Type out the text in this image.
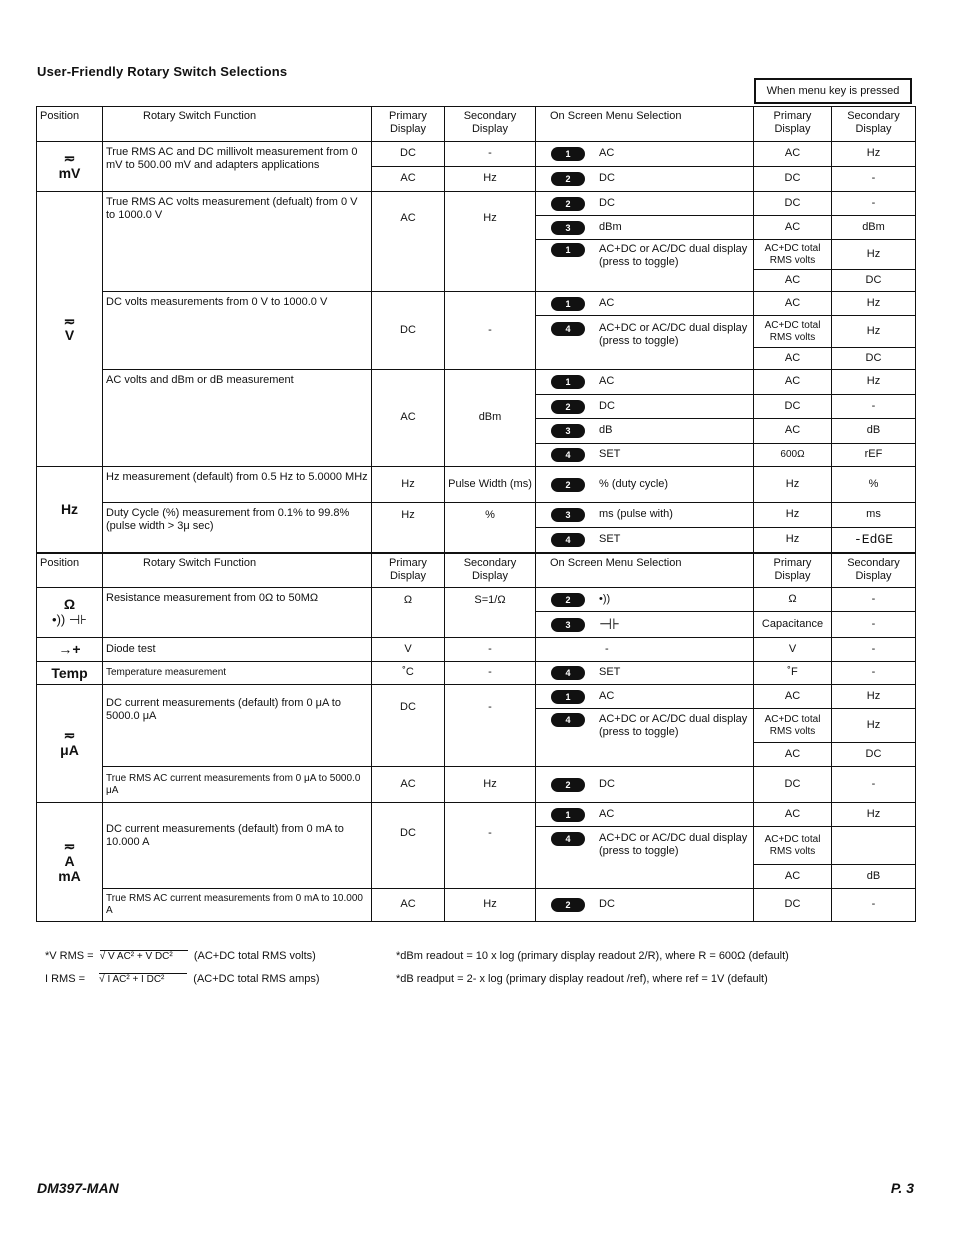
User-Friendly Rotary Switch Selections
When menu key is pressed
Position	Rotary Switch Function	Primary Display	Secondary Display	On Screen Menu Selection	Primary Display	Secondary Display
≂
mV	True RMS AC and DC millivolt measurement from 0 mV to 500.00 mV and adapters applications	DC	-	1 AC	AC	Hz
		AC	Hz	2 DC	DC	-
≂
V	True RMS AC volts measurement (defualt) from 0 V to 1000.0 V	AC	Hz	2 DC	DC	-

				3 dBm	AC	dBm

				1 AC+DC or AC/DC dual display (press to toggle)	AC+DC total RMS volts	Hz
					AC	DC

	DC volts measurements from 0 V to 1000.0 V	DC	-	1 AC	AC	Hz

				4 AC+DC or AC/DC dual display (press to toggle)	AC+DC total RMS volts	Hz
					AC	DC
	AC volts and dBm or dB measurement	AC	dBm	1 AC	AC	Hz

				2 DC	DC	-

				3 dB	AC	dB

				4 SET	600Ω	rEF
Hz	Hz measurement (default) from 0.5 Hz to 5.0000 MHz	Hz	Pulse Width (ms)	2 % (duty cycle)	Hz	%
	Duty Cycle (%) measurement from 0.1% to 99.8% (pulse width > 3μ sec)	Hz	%	3 ms (pulse with)	Hz	ms

				4 SET	Hz	-EdGE
Position	Rotary Switch Function	Primary Display	Secondary Display	On Screen Menu Selection	Primary Display	Secondary Display
Ω
•)) ⊣⊦	Resistance measurement from 0Ω to 50MΩ	Ω	S=1/Ω	2 •))	Ω	-

				3 ⊣⊦	Capacitance	-
→+	Diode test	V	-	-	V	-
Temp	Temperature measurement	˚C	-	4 SET	˚F	-
≂
μA	DC current measurements (default) from 0 μA to 5000.0 μA	DC	-	1 AC	AC	Hz

				4 AC+DC or AC/DC dual display (press to toggle)	AC+DC total RMS volts	Hz
					AC	DC
	True RMS AC current measurements from 0 μA to 5000.0 μA	AC	Hz	2 DC	DC	-
≂
A
mA	DC current measurements (default) from 0 mA to 10.000 A	DC	-	1 AC	AC	Hz

				4 AC+DC or AC/DC dual display (press to toggle)	AC+DC total RMS volts	
					AC	dB
	True RMS AC current measurements from 0 mA to 10.000 A	AC	Hz	2 DC	DC	-
*V RMS =
√ V AC² + V DC²
	(AC+DC total RMS volts)
I RMS =
√ I AC² + I DC²
	(AC+DC total RMS amps)
*dBm readout = 10 x log (primary display readout 2/R), where R = 600Ω (default)
*dB readput = 2- x log (primary display readout /ref), where ref = 1V (default)
DM397-MAN	P. 3
